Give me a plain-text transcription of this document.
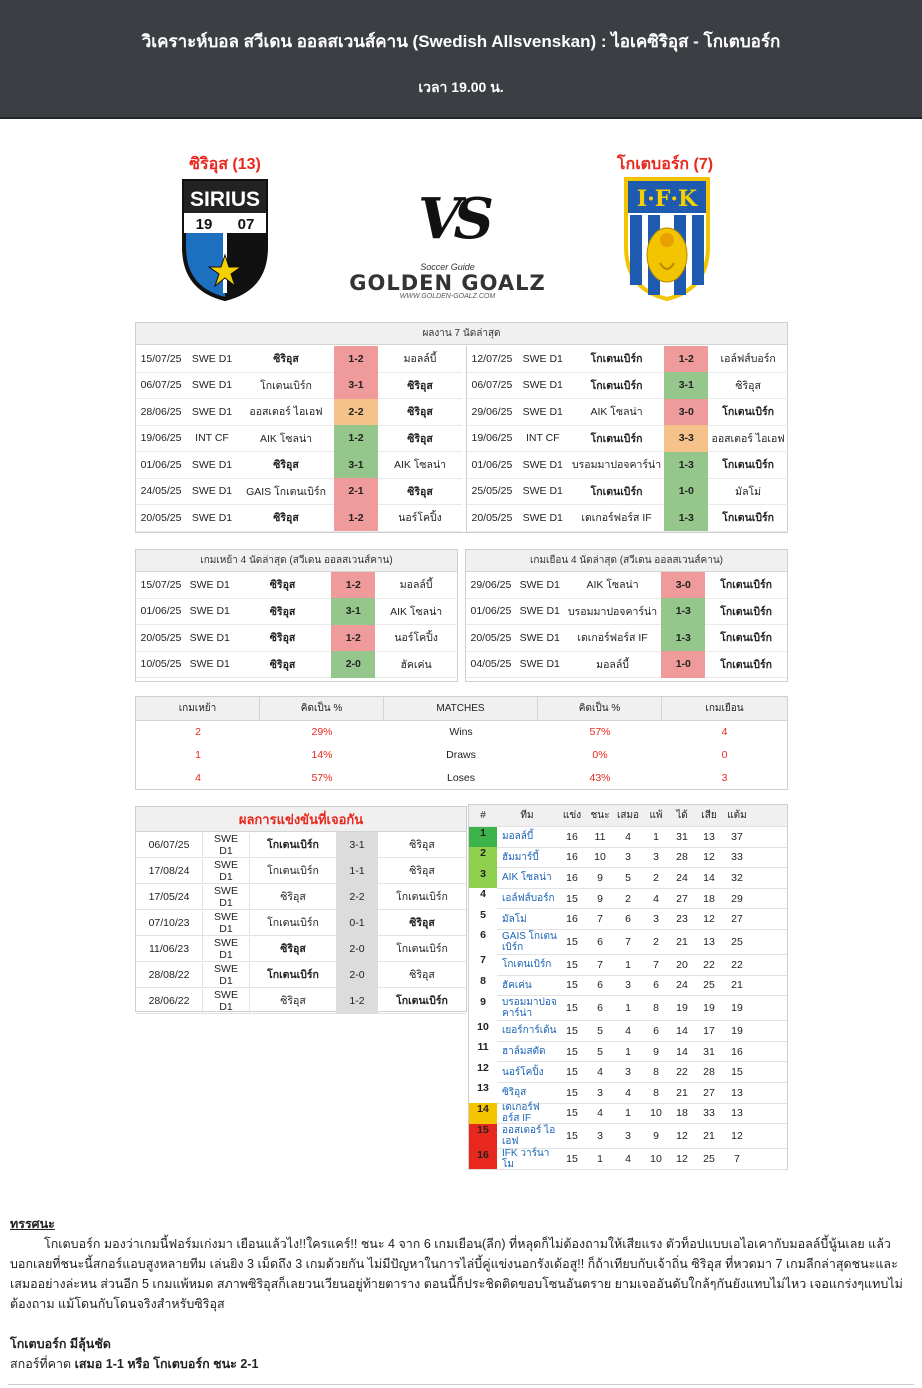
วิเคราะห์บอล สวีเดน ออลสเวนส์คาน (Swedish Allsvenskan) : ไอเคซิริอุส - โกเตบอร์ก
เวลา 19.00 น.
ซิริอุส (13)	โกเตบอร์ก (7)
SIRIUS
19 07	VS
Soccer Guide
GOLDEN GOALZ
WWW.GOLDEN-GOALZ.COM
I·F·K
ผลงาน 7 นัดล่าสุด
15/07/25 SWE D1	ซิริอุส	1-2	มอลล์บี้
06/07/25 SWE D1	โกเตนเบิร์ก	3-1	ซิริอุส
28/06/25 SWE D1	ออสเตอร์ ไอเอฟ	2-2	ซิริอุส
19/06/25	INT CF	AIK โซลน่า	1-2	ซิริอุส
01/06/25 SWE D1	ซิริอุส	3-1	AIK โซลน่า
24/05/25 SWE D1	GAIS โกเตนเบิร์ก	2-1	ซิริอุส
20/05/25 SWE D1	ซิริอุส	1-2	นอร์โคปิ้ง
12/07/25 SWE D1	โกเตนเบิร์ก	1-2	เอล์ฟส์บอร์ก
06/07/25 SWE D1	โกเตนเบิร์ก	3-1	ซิริอุส
29/06/25 SWE D1	AIK โซลน่า	3-0	โกเตนเบิร์ก
19/06/25	INT CF	โกเตนเบิร์ก	3-3	ออสเตอร์ ไอเอฟ
01/06/25 SWE D1 บรอมมาปอจคาร์น่า	1-3	โกเตนเบิร์ก
25/05/25 SWE D1	โกเตนเบิร์ก	1-0	มัลโม่
20/05/25 SWE D1	เดเกอร์ฟอร์ส IF	1-3	โกเตนเบิร์ก
เกมเหย้า 4 นัดล่าสุด (สวีเดน ออลสเวนส์คาน)
15/07/25 SWE D1	ซิริอุส	1-2	มอลล์บี้
01/06/25 SWE D1	ซิริอุส	3-1	AIK โซลน่า
20/05/25 SWE D1	ซิริอุส	1-2	นอร์โคปิ้ง
10/05/25 SWE D1	ซิริอุส	2-0	ฮัคเค่น
เกมเยือน 4 นัดล่าสุด (สวีเดน ออลสเวนส์คาน)
29/06/25 SWE D1	AIK โซลน่า	3-0	โกเตนเบิร์ก
01/06/25 SWE D1 บรอมมาปอจคาร์น่า	1-3	โกเตนเบิร์ก
20/05/25 SWE D1	เดเกอร์ฟอร์ส IF	1-3	โกเตนเบิร์ก
04/05/25 SWE D1	มอลล์บี้	1-0	โกเตนเบิร์ก
เกมเหย้า	คิดเป็น %	MATCHES	คิดเป็น %	เกมเยือน
2	29%	Wins	57%	4
1	14%	Draws	0%	0
4	57%	Loses	43%	3
ผลการแข่งขันที่เจอกัน
06/07/25	SWE D1	โกเตนเบิร์ก	3-1	ซิริอุส
17/08/24	SWE D1	โกเตนเบิร์ก	1-1	ซิริอุส
17/05/24	SWE D1	ซิริอุส	2-2	โกเตนเบิร์ก
07/10/23	SWE D1	โกเตนเบิร์ก	0-1	ซิริอุส
11/06/23	SWE D1	ซิริอุส	2-0	โกเตนเบิร์ก
28/08/22	SWE D1	โกเตนเบิร์ก	2-0	ซิริอุส
28/06/22	SWE D1	ซิริอุส	1-2	โกเตนเบิร์ก
#	ทีม	แข่ง ชนะ เสมอ	แพ้	ได้	เสีย	แต้ม
1	มอลล์บี้	16	11	4	1	31	13	37
2	ฮัมมาร์บี้	16	10	3	3	28	12	33
3	AIK โซลน่า	16	9	5	2	24	14	32
4	เอล์ฟส์บอร์ก	15	9	2	4	27	18	29
5	มัลโม่	16	7	6	3	23	12	27
6	GAIS โกเตนเบิร์ก	15	6	7	2	21	13	25
7	โกเตนเบิร์ก	15	7	1	7	20	22	22
8	ฮัคเค่น	15	6	3	6	24	25	21
9	บรอมมาปอจคาร์น่า	15	6	1	8	19	19	19
10	เยอร์การ์เด้น 15	5	4	6	14	17	19
11	ฮาล์มสตัด	15	5	1	9	14	31	16
12	นอร์โคปิ้ง	15	4	3	8	22	28	15
13	ซิริอุส	15	3	4	8	21	27	13
14	เดเกอร์ฟอร์ส IF	15	4	1	10	18	33	13
15	ออสเตอร์ ไอเอฟ	15	3	3	9	12	21	12
16	IFK วาร์นาโม	15	1	4	10	12	25	7
ทรรศนะ
โกเตบอร์ก มองว่าเกมนี้ฟอร์มเก่งมา เยือนแล้วไง!!ใครแคร์!! ชนะ 4 จาก 6 เกมเยือน(ลีก) ที่หลุดก็ไม่ต้องถามให้เสียแรง ตัวท็อปแบบเอไอเคากับมอลล์บี้นู้นเลย แล้วบอกเลยที่ชนะนี้สกอร์แอบสูงหลายทีม เล่นยิง 3 เม็ดถึง 3 เกมด้วยกัน ไม่มีปัญหาในการไล่บี้คู่แข่งนอกรังเด้อสู!! ก็ถ้าเทียบกับเจ้าถิ่น ซิริอุส ที่หวดมา 7 เกมลีกล่าสุดชนะและเสมออย่างล่ะหน ส่วนอีก 5 เกมแพ้หมด สภาพซิริอุสก็เลยวนเวียนอยู่ท้ายตาราง ตอนนี้ก็ประชิดติดขอบโซนอันตราย ยามเจออันดับใกล้ๆกันยังแทบไม่ไหว เจอแกร่งๆแทบไม่ต้องถาม แม้โดนกับโดนจริงสำหรับซิริอุส
โกเตบอร์ก มีลุ้นชัด
สกอร์ที่คาด เสมอ 1-1 หรือ โกเตบอร์ก ชนะ 2-1
